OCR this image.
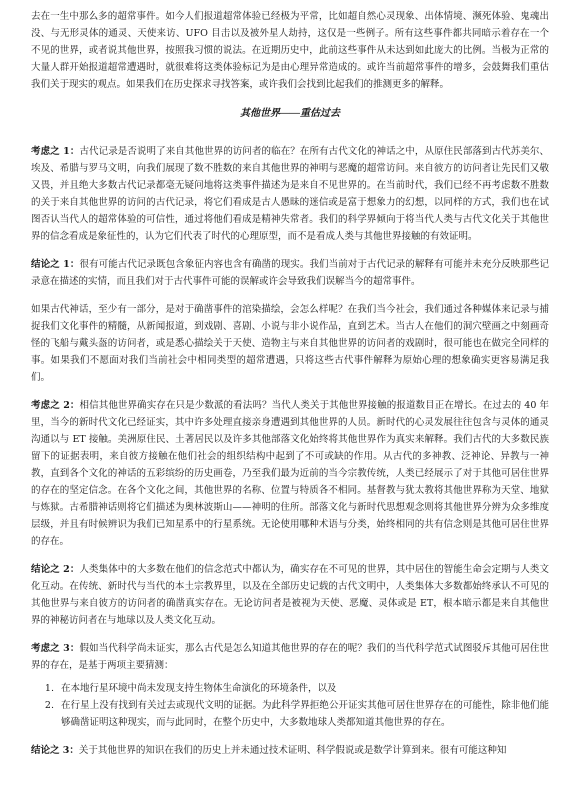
去在一生中那么多的超常事件。如今人们报道超常体验已经极为平常，比如超自然心灵现象、出体情境、濒死体验、鬼魂出没、与无形灵体的通灵、天使来访、UFO 目击以及被外星人劫持，这仅是一些例子。所有这些事件都共同暗示着存在一个不见的世界，或者说其他世界，按照我习惯的说法。在近期历史中，此前这些事件从未达到如此庞大的比例。当极为正常的大量人群开始报道超常遭遇时，就很难将这类体验标记为是由心理异常造成的。或许当前超常事件的增多，会鼓舞我们重估我们关于现实的观点。如果我们在历史探求寻找答案，或许我们会找到比起我们的推测更多的解释。

其他世界——重估过去

考虑之 1：古代记录是否说明了来自其他世界的访问者的临在？在所有古代文化的神话之中，从原住民部落到古代苏美尔、埃及、希腊与罗马文明，向我们展现了数不胜数的来自其他世界的神明与恶魔的超常访问。来自彼方的访问者让先民们又敬又畏，并且绝大多数古代记录都毫无疑问地将这类事件描述为是来自不见世界的。在当前时代，我们已经不再考虑数不胜数的关于来自其他世界的访问的古代记录，将它们看成是古人愚昧的迷信或是富于想象力的幻想，以同样的方式，我们也在试图否认当代人的超常体验的可信性，通过将他们看成是精神失常者。我们的科学界倾向于将当代人类与古代文化关于其他世界的信念看成是象征性的，认为它们代表了时代的心理原型，而不是看成人类与其他世界接触的有效证明。

结论之 1：很有可能古代记录既包含象征内容也含有确凿的现实。我们当前对于古代记录的解释有可能并未充分反映那些记录意在描述的实情，而且我们对于古代事件可能的误解或许会导致我们误解当今的超常事件。

如果古代神话，至少有一部分，是对于确凿事件的涫染描绘，会怎么样呢？在我们当今社会，我们通过各种媒体来记录与捕捉我们文化事件的精髓，从新闻报道，到戏剧、喜剧、小说与非小说作品，直到艺术。当古人在他们的洞穴壁画之中刻画奇怪的飞船与戴头盔的访问者，或是悉心描绘关于天使、造物主与来自其他世界的访问者的戏剧时，很可能也在做完全同样的事。如果我们不愿面对我们当前社会中相同类型的超常遭遇，只将这些古代事件解释为原始心理的想象确实更容易满足我们。

考虑之 2：相信其他世界确实存在只是少数派的看法吗？当代人类关于其他世界接触的报道数目正在增长。在过去的 40 年里，当今的新时代文化已经证实，其中许多处理直接亲身遭遇到其他世界的人员。新时代的心灵发展往往包含与灵体的通灵沟通以与 ET 接触。美洲原住民、土著居民以及许多其他部落文化始终将其他世界作为真实来解释。我们古代的大多数民族留下的证据表明，来自彼方接触在他们社会的组织结构中起到了不可或缺的作用。从古代的多神教、泛神论、异教与一神教，直到各个文化的神话的五彩缤纷的历史画卷，乃至我们最为近前的当今宗教传统，人类已经展示了对于其他可居住世界的存在的坚定信念。在各个文化之间，其他世界的名称、位置与特质各不相同。基督教与犹太教将其他世界称为天堂、地狱与炼狱。古希腊神话则将它们描述为奥林波斯山——神明的住所。部落文化与新时代思想观念则将其他世界分辨为众多维度层级，并且有时候辨识为我们已知星系中的行星系统。无论使用哪种术语与分类，始终相同的共有信念则是其他可居住世界的存在。

结论之 2：人类集体中的大多数在他们的信念范式中都认为，确实存在不可见的世界，其中居住的智能生命会定期与人类文化互动。在传统、新时代与当代的本土宗教界里，以及在全部历史记载的古代文明中，人类集体大多数都始终承认不可见的其他世界与来自彼方的访问者的确凿真实存在。无论访问者是被视为天使、恶魔、灵体或是 ET，根本暗示都是来自其他世界的神秘访问者在与地球以及人类文化互动。

考虑之 3：假如当代科学尚未证实，那么古代是怎么知道其他世界的存在的呢？我们的当代科学范式试图驳斥其他可居住世界的存在，是基于两项主要猜测：

1. 在本地行星环境中尚未发现支持生物体生命演化的环境条件，以及
2. 在行星上没有找到有关过去或现代文明的证据。为此科学界拒绝公开证实其他可居住世界存在的可能性，除非他们能够确凿证明这种现实，而与此同时，在整个历史中，大多数地球人类都知道其他世界的存在。

结论之 3：关于其他世界的知识在我们的历史上并未通过技术证明、科学假说或是数学计算到来。很有可能这种知
